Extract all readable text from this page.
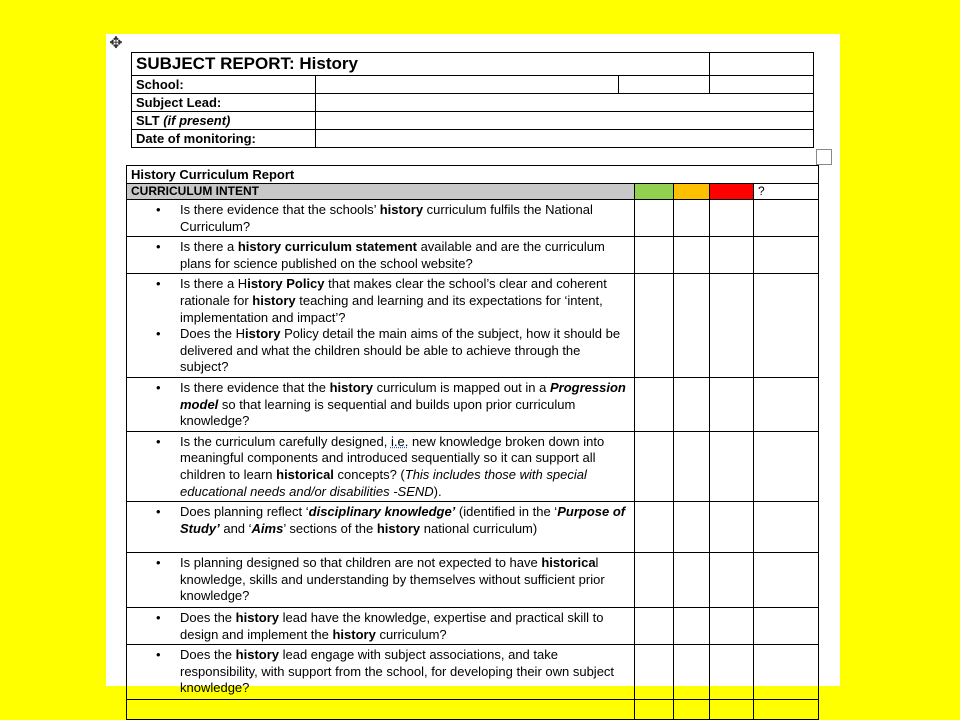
✥
SUBJECT REPORT: History			
School:			
Subject Lead:			
SLT (if present)			
Date of monitoring:			
History Curriculum Report				
CURRICULUM INTENT				?

• Is there evidence that the schools’ history curriculum fulfils the National Curriculum?				

• Is there a history curriculum statement available and are the curriculum plans for science published on the school website?				

• Is there a History Policy that makes clear the school’s clear and coherent rationale for history teaching and learning and its expectations for ‘intent, implementation and impact’?
• Does the History Policy detail the main aims of the subject, how it should be delivered and what the children should be able to achieve through the subject?				

• Is there evidence that the history curriculum is mapped out in a Progression model so that learning is sequential and builds upon prior curriculum knowledge?				

• Is the curriculum carefully designed, i.e. new knowledge broken down into meaningful components and introduced sequentially so it can support all children to learn historical concepts? (This includes those with special educational needs and/or disabilities -SEND).				

• Does planning reflect ‘disciplinary knowledge’ (identified in the ‘Purpose of Study’ and ‘Aims’ sections of the history national curriculum)				

• Is planning designed so that children are not expected to have historical knowledge, skills and understanding by themselves without sufficient prior knowledge?				

• Does the history lead have the knowledge, expertise and practical skill to design and implement the history curriculum?				

• Does the history lead engage with subject associations, and take responsibility, with support from the school, for developing their own subject knowledge?				
